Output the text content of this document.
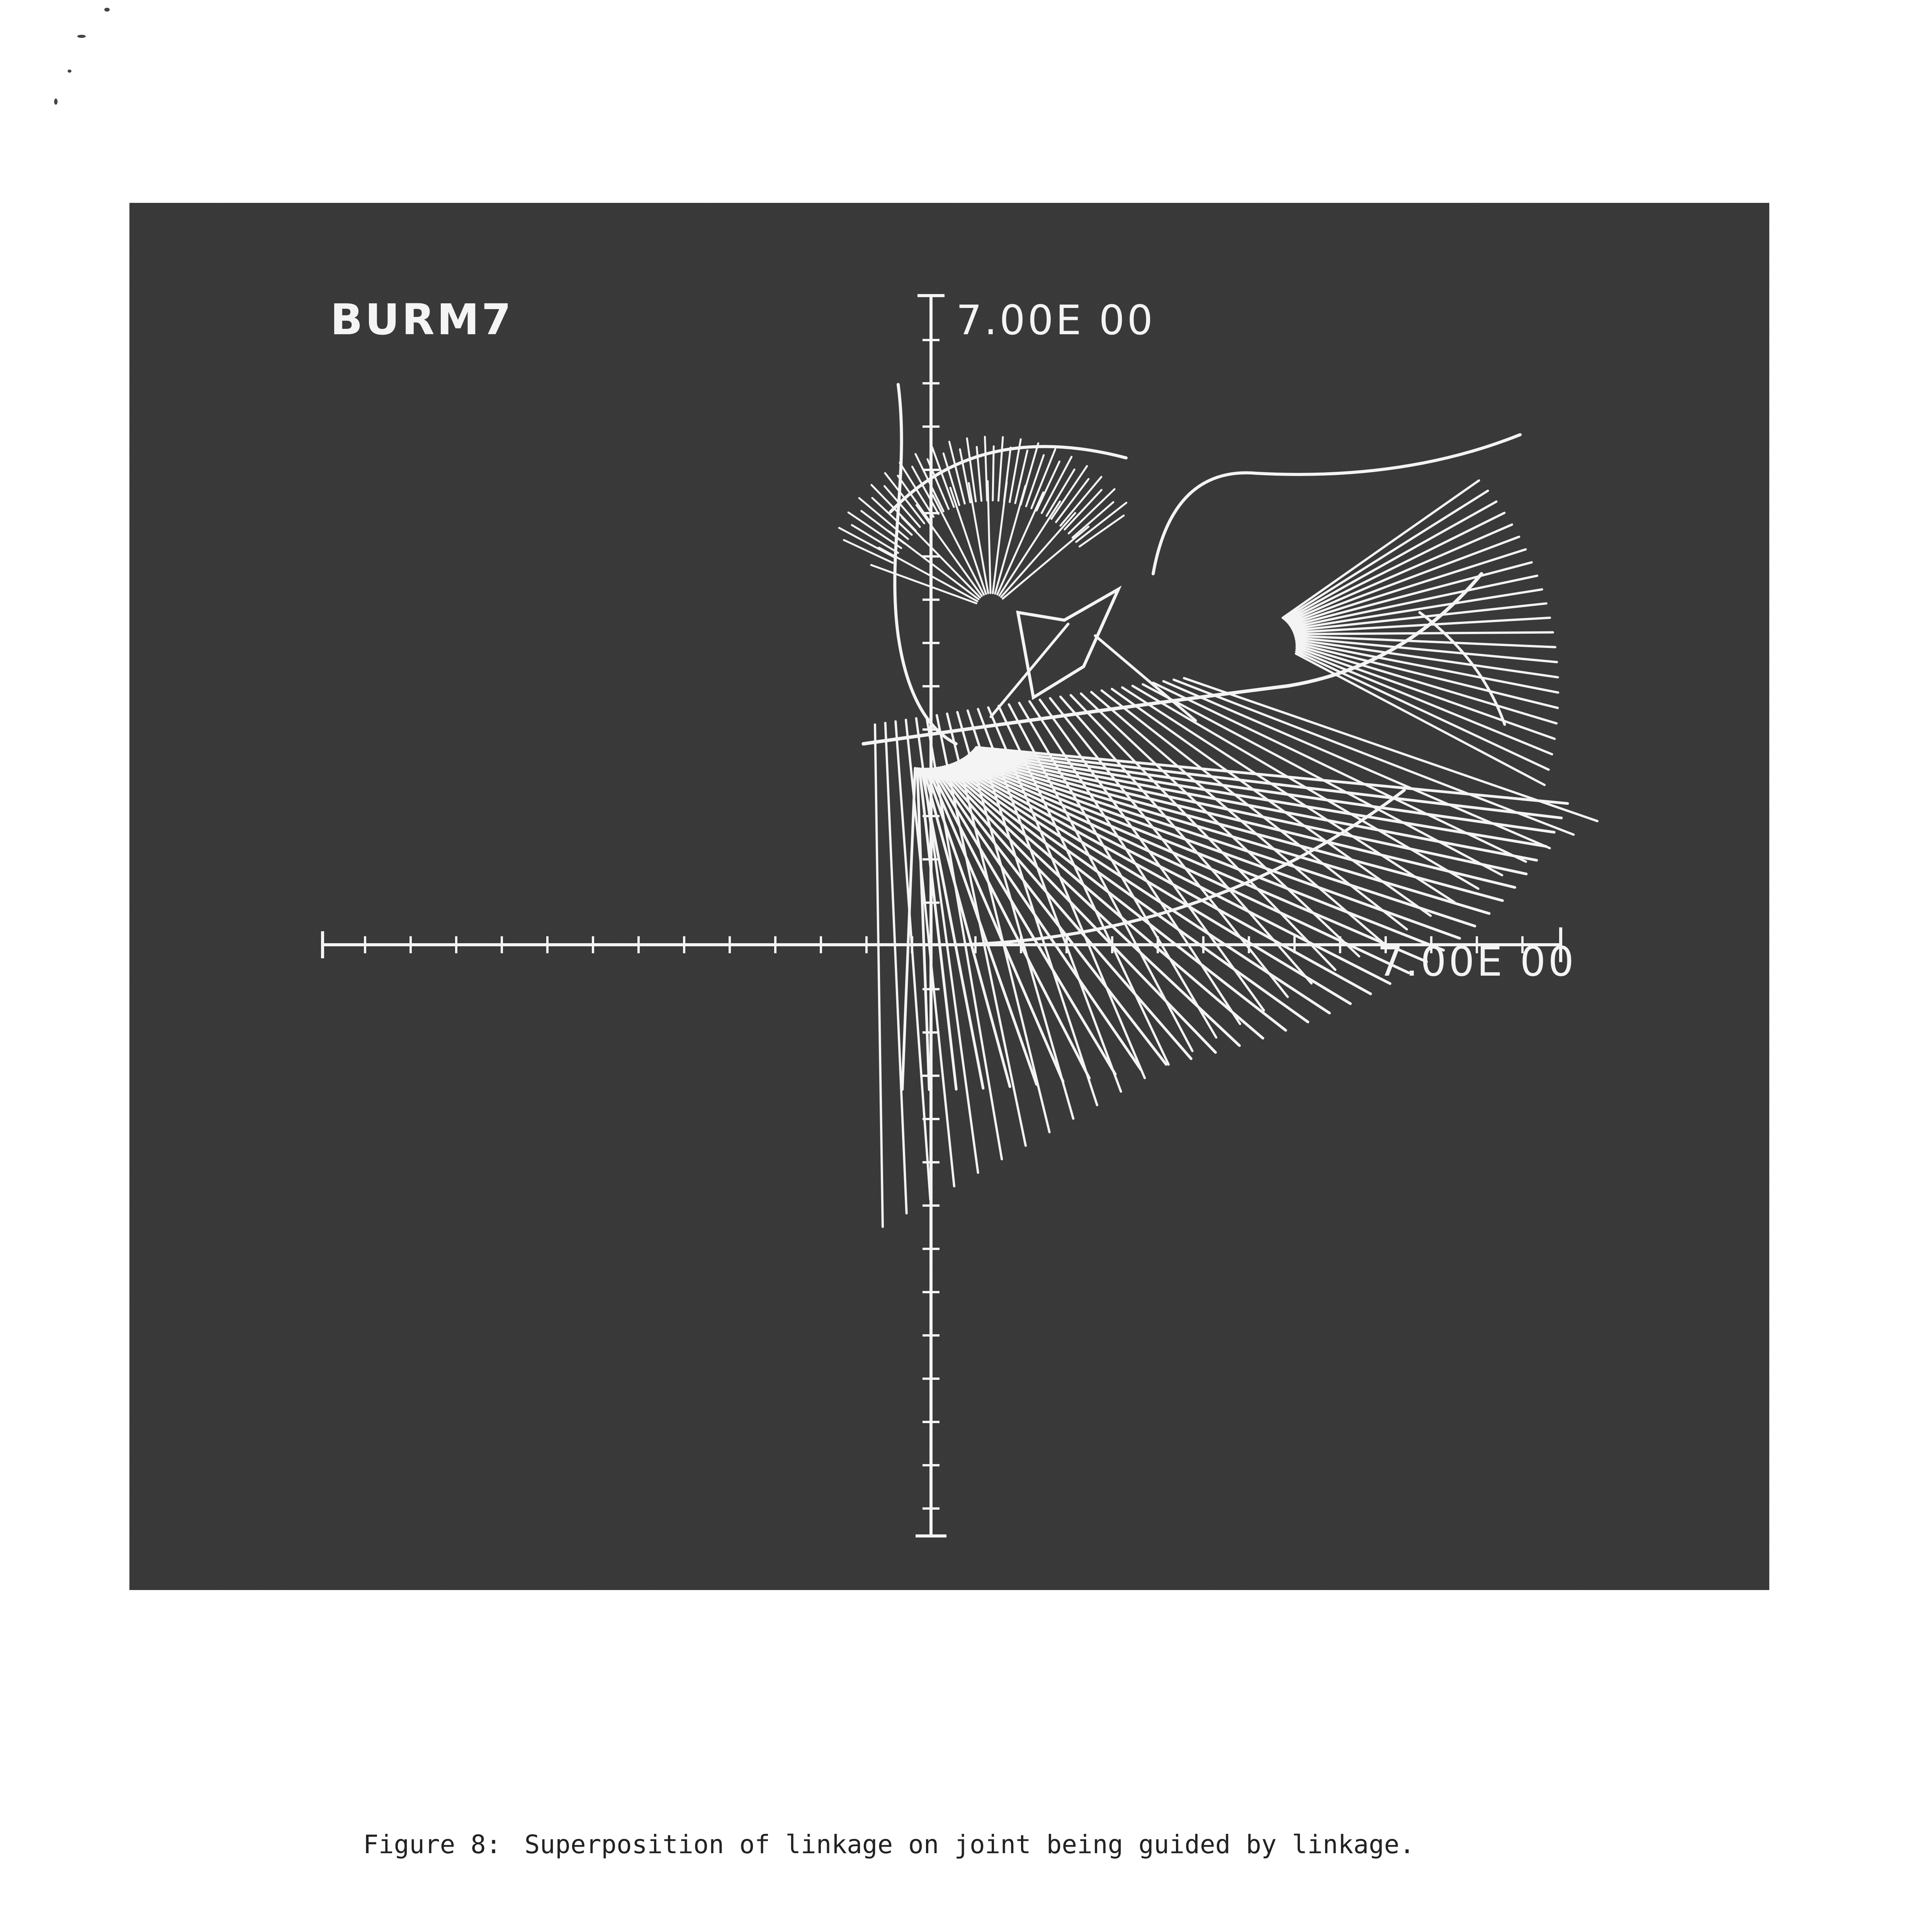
BURM7	7.00E 00
7.00E 00
Figure 8: Superposition of linkage on joint being guided by linkage.
